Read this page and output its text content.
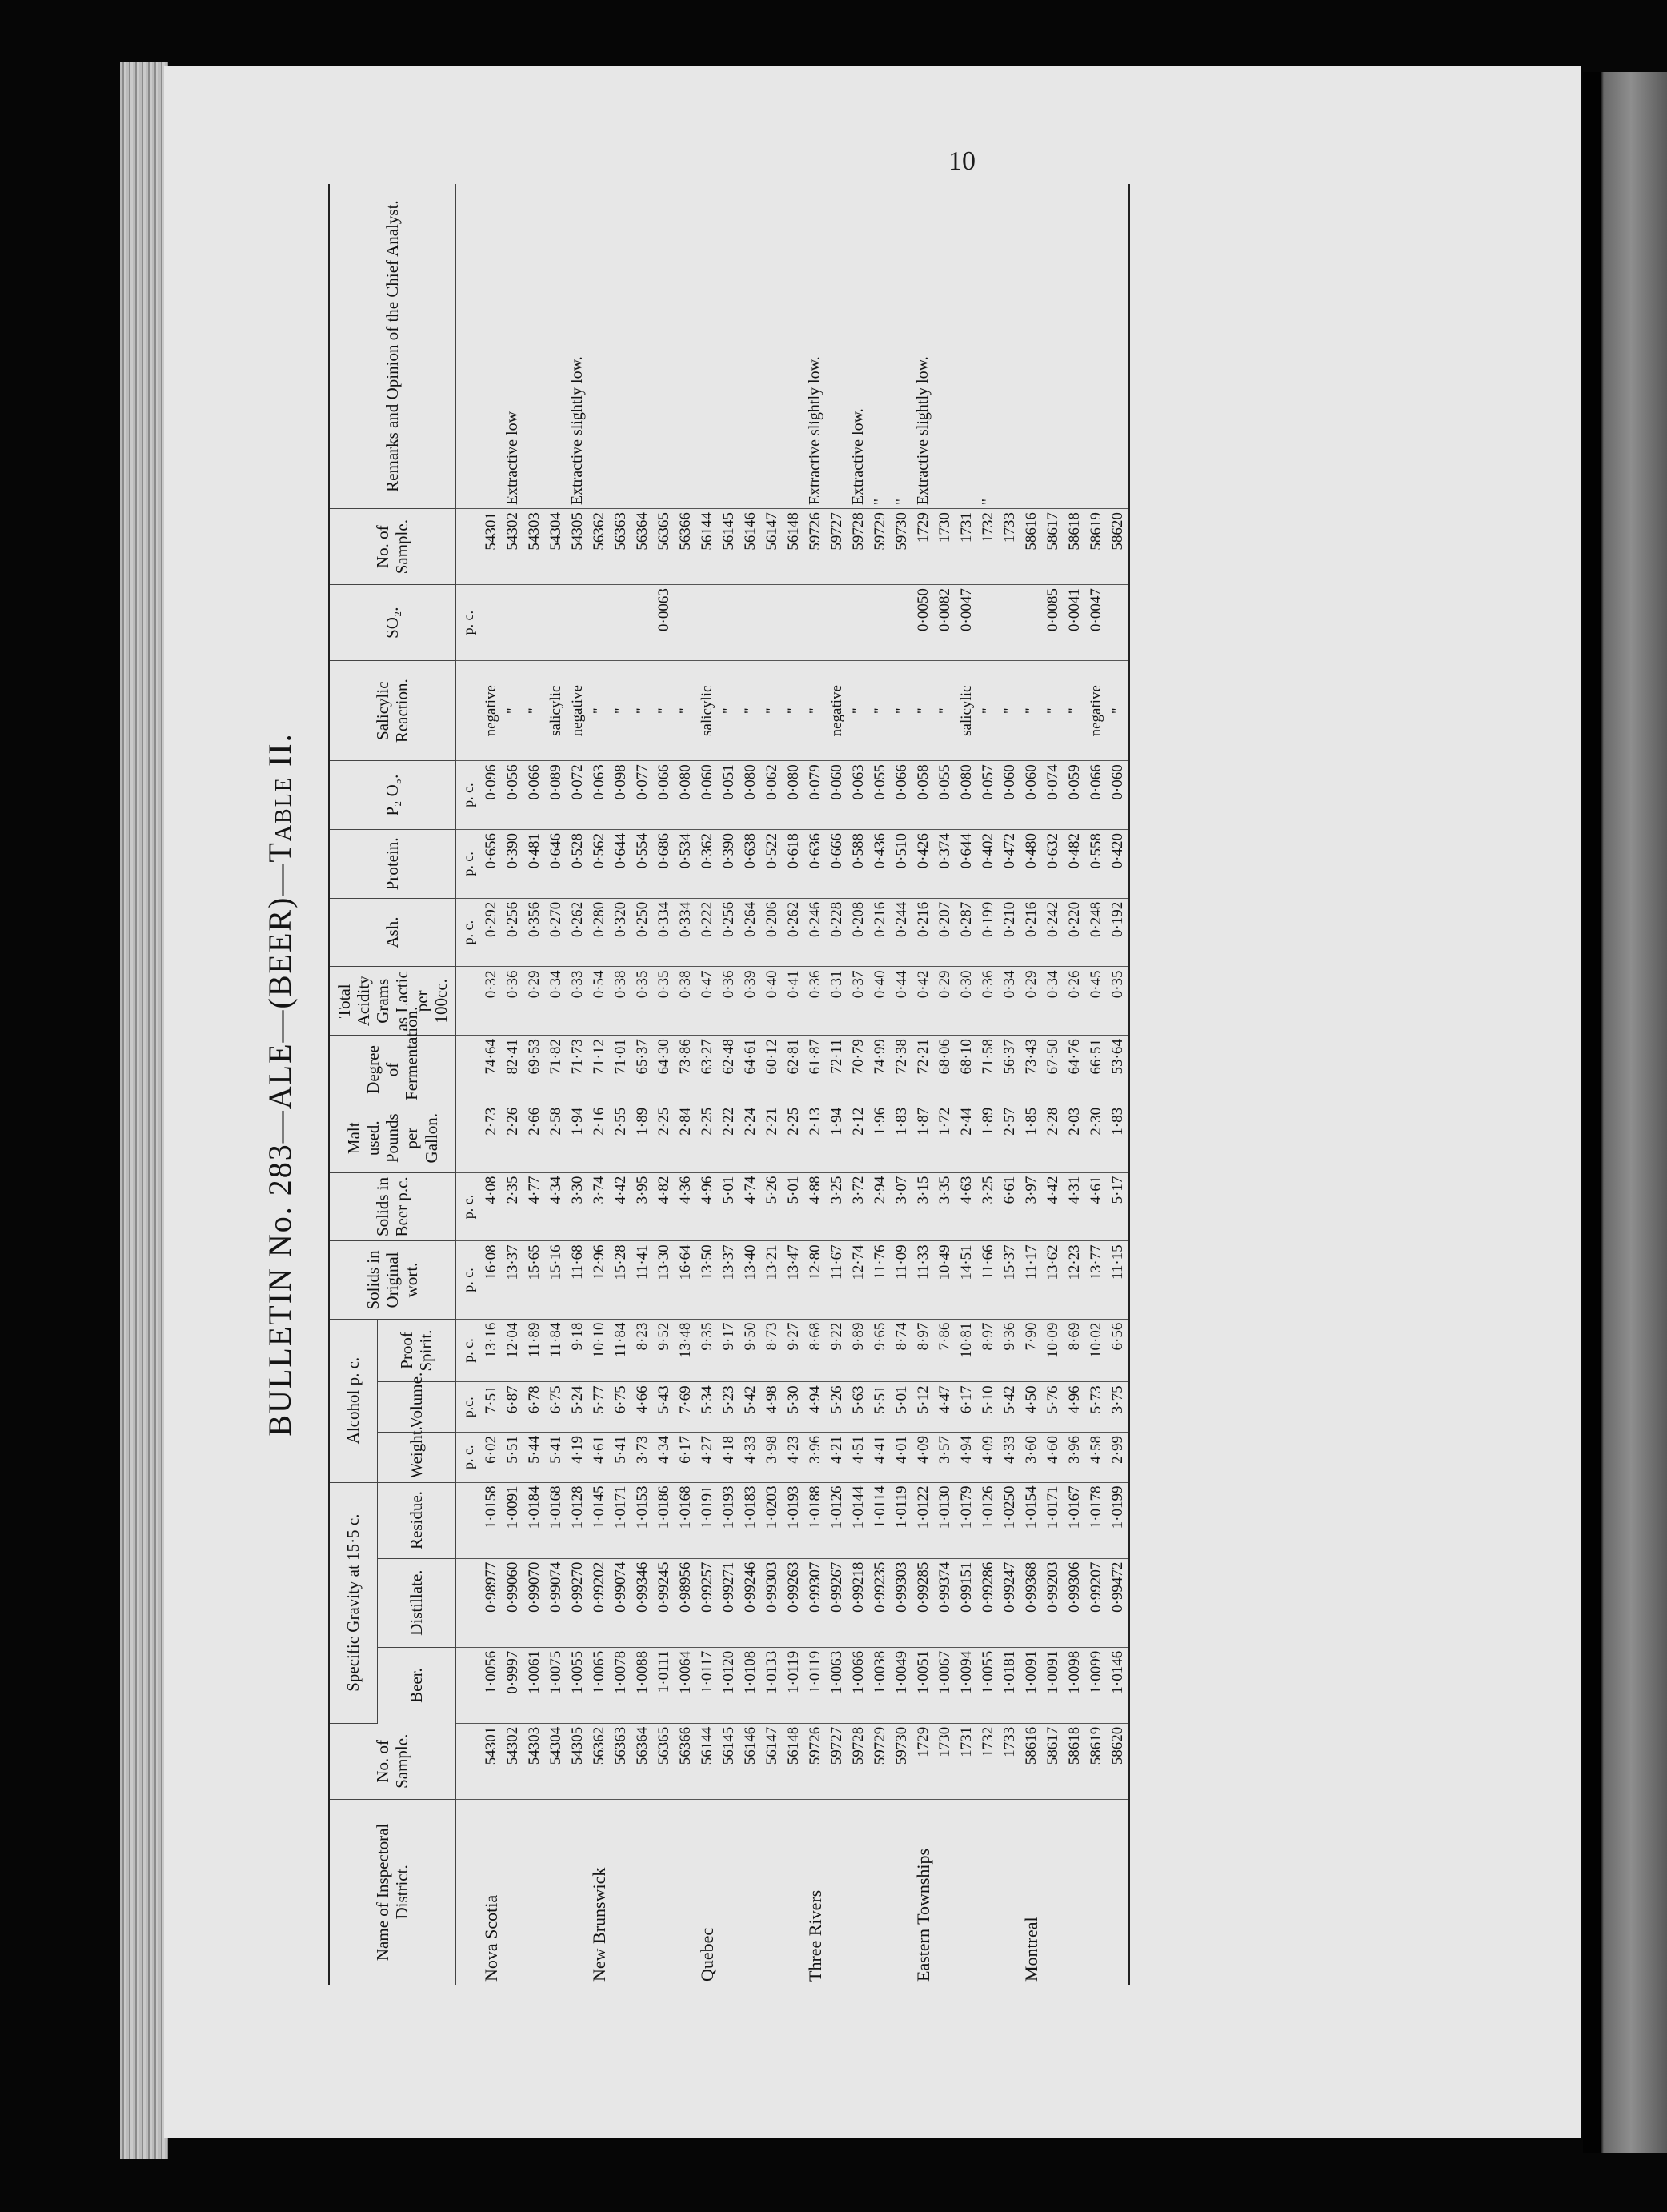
10
BULLETIN No. 283—ALE—(BEER)—Table II.
Name of Inspectoral District.	No. of Sample.	Specific Gravity at 15·5 c.			Alcohol p. c.			Solids in Original wort.	Solids in Beer p.c.	Malt used. Pounds per Gallon.	Degree of Fermentation.	Total Acidity Grams as Lactic per 100cc.	Ash.	Protein.	P₂ O₅.	Salicylic Reaction.	SO₂.	No. of Sample.	Remarks and Opinion of the Chief Analyst.
		Beer.	Distillate.	Residue.	Weight.	Volume.	Proof Spirit.												
					p. c.	p.c.	p. c.	p. c.	p. c.				p. c.	p. c.	p. c.		p. c.		
Nova Scotia	54301	1·0056	0·98977	1·0158	6·02	7·51	13·16	16·08	4·08	2·73	74·64	0·32	0·292	0·656	0·096	negative		54301	
	54302	0·9997	0·99060	1·0091	5·51	6·87	12·04	13·37	2·35	2·26	82·41	0·36	0·256	0·390	0·056	"		54302	Extractive low
	54303	1·0061	0·99070	1·0184	5·44	6·78	11·89	15·65	4·77	2·66	69·53	0·29	0·356	0·481	0·066	"		54303	
	54304	1·0075	0·99074	1·0168	5·41	6·75	11·84	15·16	4·34	2·58	71·82	0·34	0·270	0·646	0·089	salicylic		54304	
	54305	1·0055	0·99270	1·0128	4·19	5·24	9·18	11·68	3·30	1·94	71·73	0·33	0·262	0·528	0·072	negative		54305	Extractive slightly low.
New Brunswick	56362	1·0065	0·99202	1·0145	4·61	5·77	10·10	12·96	3·74	2·16	71·12	0·54	0·280	0·562	0·063	"		56362	
	56363	1·0078	0·99074	1·0171	5·41	6·75	11·84	15·28	4·42	2·55	71·01	0·38	0·320	0·644	0·098	"		56363	
	56364	1·0088	0·99346	1·0153	3·73	4·66	8·23	11·41	3·95	1·89	65·37	0·35	0·250	0·554	0·077	"		56364	
	56365	1·0111	0·99245	1·0186	4·34	5·43	9·52	13·30	4·82	2·25	64·30	0·35	0·334	0·686	0·066	"	0·0063	56365	
	56366	1·0064	0·98956	1·0168	6·17	7·69	13·48	16·64	4·36	2·84	73·86	0·38	0·334	0·534	0·080	"		56366	
Quebec	56144	1·0117	0·99257	1·0191	4·27	5·34	9·35	13·50	4·96	2·25	63·27	0·47	0·222	0·362	0·060	salicylic		56144	
	56145	1·0120	0·99271	1·0193	4·18	5·23	9·17	13·37	5·01	2·22	62·48	0·36	0·256	0·390	0·051	"		56145	
	56146	1·0108	0·99246	1·0183	4·33	5·42	9·50	13·40	4·74	2·24	64·61	0·39	0·264	0·638	0·080	"		56146	
	56147	1·0133	0·99303	1·0203	3·98	4·98	8·73	13·21	5·26	2·21	60·12	0·40	0·206	0·522	0·062	"		56147	
	56148	1·0119	0·99263	1·0193	4·23	5·30	9·27	13·47	5·01	2·25	62·81	0·41	0·262	0·618	0·080	"		56148	
Three Rivers	59726	1·0119	0·99307	1·0188	3·96	4·94	8·68	12·80	4·88	2·13	61·87	0·36	0·246	0·636	0·079	"		59726	Extractive slightly low.
	59727	1·0063	0·99267	1·0126	4·21	5·26	9·22	11·67	3·25	1·94	72·11	0·31	0·228	0·666	0·060	negative		59727	
	59728	1·0066	0·99218	1·0144	4·51	5·63	9·89	12·74	3·72	2·12	70·79	0·37	0·208	0·588	0·063	"		59728	Extractive low.
	59729	1·0038	0·99235	1·0114	4·41	5·51	9·65	11·76	2·94	1·96	74·99	0·40	0·216	0·436	0·055	"		59729	"
	59730	1·0049	0·99303	1·0119	4·01	5·01	8·74	11·09	3·07	1·83	72·38	0·44	0·244	0·510	0·066	"		59730	"
Eastern Townships	1729	1·0051	0·99285	1·0122	4·09	5·12	8·97	11·33	3·15	1·87	72·21	0·42	0·216	0·426	0·058	"	0·0050	1729	Extractive slightly low.
	1730	1·0067	0·99374	1·0130	3·57	4·47	7·86	10·49	3·35	1·72	68·06	0·29	0·207	0·374	0·055	"	0·0082	1730	
	1731	1·0094	0·99151	1·0179	4·94	6·17	10·81	14·51	4·63	2·44	68·10	0·30	0·287	0·644	0·080	salicylic	0·0047	1731	
	1732	1·0055	0·99286	1·0126	4·09	5·10	8·97	11·66	3·25	1·89	71·58	0·36	0·199	0·402	0·057	"		1732	"
	1733	1·0181	0·99247	1·0250	4·33	5·42	9·36	15·37	6·61	2·57	56·37	0·34	0·210	0·472	0·060	"		1733	
Montreal	58616	1·0091	0·99368	1·0154	3·60	4·50	7·90	11·17	3·97	1·85	73·43	0·29	0·216	0·480	0·060	"		58616	
	58617	1·0091	0·99203	1·0171	4·60	5·76	10·09	13·62	4·42	2·28	67·50	0·34	0·242	0·632	0·074	"	0·0085	58617	
	58618	1·0098	0·99306	1·0167	3·96	4·96	8·69	12·23	4·31	2·03	64·76	0·26	0·220	0·482	0·059	"	0·0041	58618	
	58619	1·0099	0·99207	1·0178	4·58	5·73	10·02	13·77	4·61	2·30	66·51	0·45	0·248	0·558	0·066	negative	0·0047	58619	
	58620	1·0146	0·99472	1·0199	2·99	3·75	6·56	11·15	5·17	1·83	53·64	0·35	0·192	0·420	0·060	"		58620	
